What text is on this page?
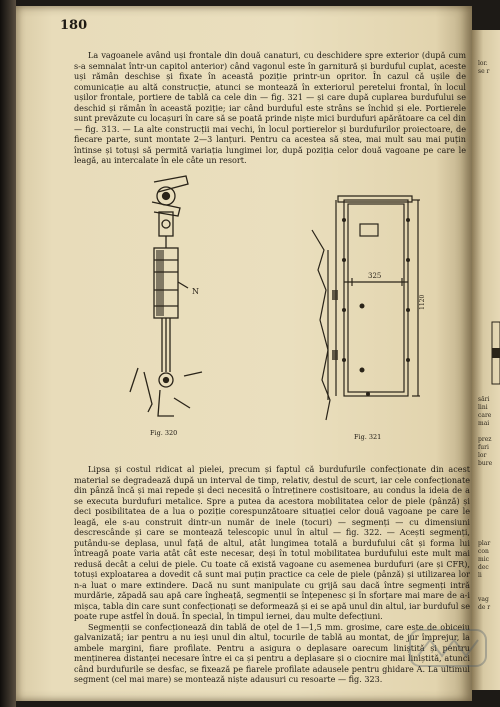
180

La vagoanele având uși frontale din două canaturi, cu deschidere spre exterior (după cum s-a semnalat într-un capitol anterior) când vagonul este în garnitură și burduful cuplat, aceste uși rămân deschise și fixate în această poziție printr-un opritor. În cazul că ușile de comunicație au altă construcție, atunci se montează în exteriorul peretelui frontal, în locul ușilor frontale, portiere de tablă ca cele din — fig. 321 — și care după cuplarea burdufului se deschid și rămân în această poziție; iar când burduful este strâns se închid și ele. Portierele sunt prevăzute cu locașuri în care să se poată prinde niște mici burdufuri apărătoare ca cel din — fig. 313. — La alte construcții mai vechi, în locul portierelor și burdufurilor proiectoare, de fiecare parte, sunt montate 2—3 lanțuri. Pentru ca acestea să stea, mai mult sau mai puțin întinse și totuși să permită variația lungimei lor, după poziția celor două vagoane pe care le leagă, au intercalate în ele câte un resort.

N
Fig. 320
325
1120
Fig. 321

Lipsa și costul ridicat al pielei, precum și faptul că burdufurile confecționate din acest material se degradează după un interval de timp, relativ, destul de scurt, iar cele confecționate din pânză încă și mai repede și deci necesită o întreținere costisitoare, au condus la ideia de a se executa burdufuri metalice. Spre a putea da acestora mobilitatea celor de piele (pânză) și deci posibilitatea de a lua o poziție corespunzătoare situației celor două vagoane pe care le leagă, ele s-au construit dintr-un număr de inele (tocuri) — segmenți — cu dimensiuni descrescânde și care se montează telescopic unul în altul — fig. 322. — Acești segmenți, putându-se deplasa, unul față de altul, atât lungimea totală a burdufului cât și forma lui întreagă poate varia atât cât este necesar, deși în totul mobilitatea burdufului este mult mai redusă decât a celui de piele. Cu toate că există vagoane cu asemenea burdufuri (are și CFR), totuși exploatarea a dovedit că sunt mai puțin practice ca cele de piele (pânză) și utilizarea lor n-a luat o mare extindere. Dacă nu sunt manipulate cu grijă sau dacă între segmenți intră murdărie, zăpadă sau apă care îngheață, segmenții se înțepenesc și în sforțare mai mare de a-i mișca, tabla din care sunt confecționați se deformează și ei se apă unul din altul, iar burduful se poate rupe astfel în două. În special, în timpul iernei, dau multe defecțiuni.

Segmenții se confecționează din tablă de oțel de 1—1,5 mm. grosime, care este de obiceiu galvanizată; iar pentru a nu ieși unul din altul, tocurile de tablă au montat, de jur împrejur, la ambele margini, fiare profilate. Pentru a asigura o deplasare oarecum liniștită și pentru menținerea distanței necesare între ei ca și pentru a deplasare și o ciocnire mai liniștită, atunci când burdufurile se desfac, se fixează pe fiarele profilate adausele pentru ghidare A. La ultimul segment (cel mai mare) se montează niște adausuri cu resoarte — fig. 323.

lor.
se r

sări
lini
care
mai

prez
furi
lor
bure

plar
con
mic
dec
li

vag
de r
